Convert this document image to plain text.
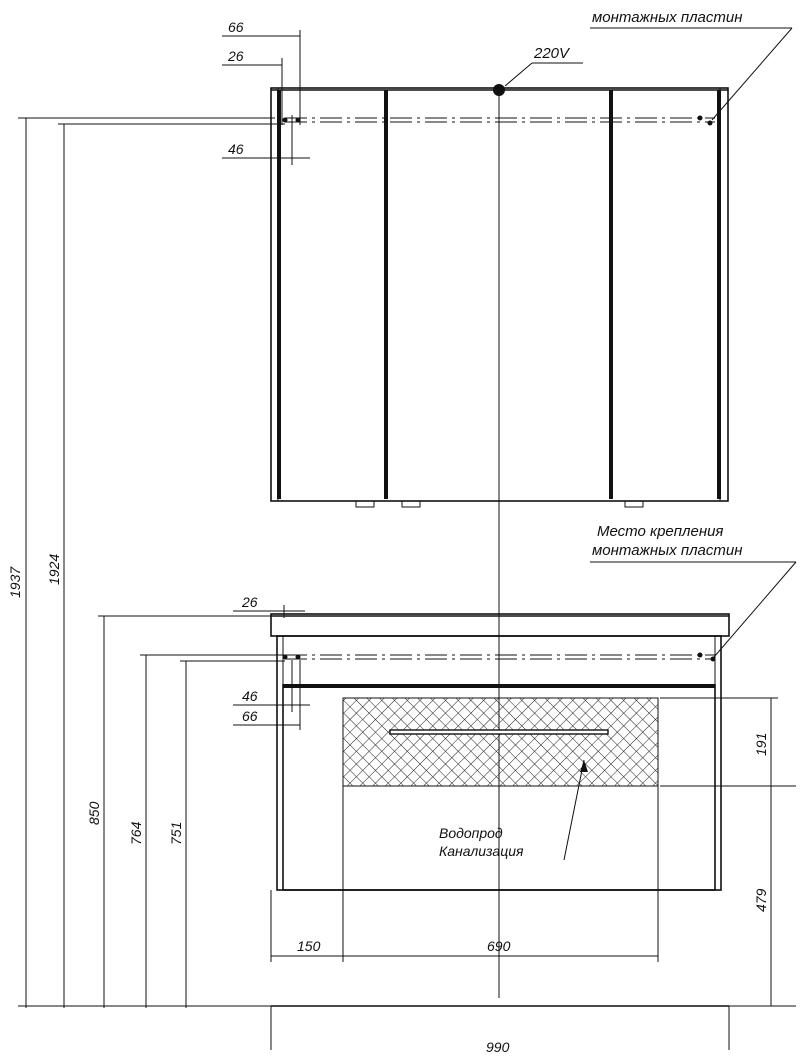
220V
монтажных пластин
66
26
46
Водопрод
Канализация
Место крепления
монтажных пластин
26
46
66
1937 1924
850
764 751
191
479
150	690
990
